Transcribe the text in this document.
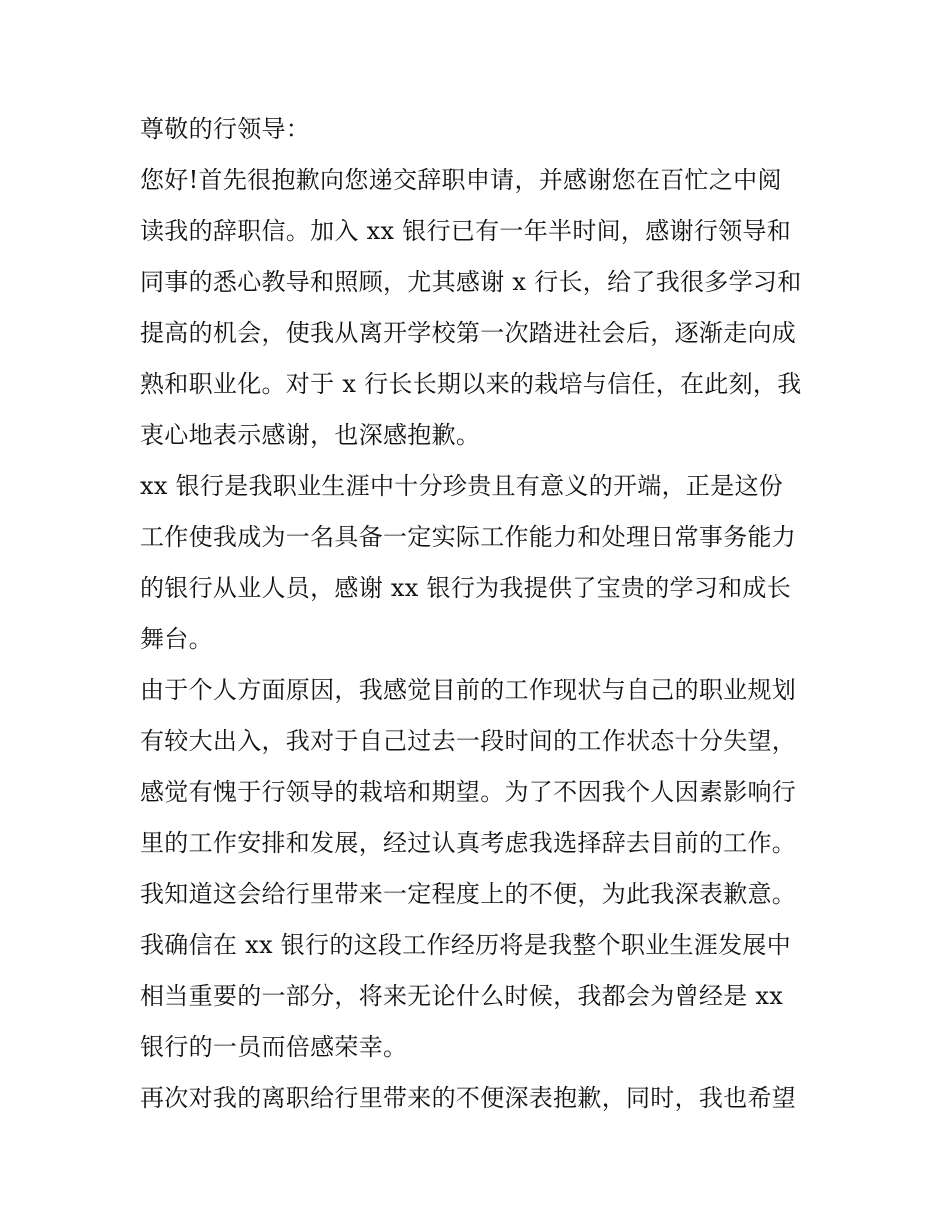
尊敬的行领导：
您好!首先很抱歉向您递交辞职申请，并感谢您在百忙之中阅
读我的辞职信。加入 xx 银行已有一年半时间，感谢行领导和
同事的悉心教导和照顾，尤其感谢 x 行长，给了我很多学习和
提高的机会，使我从离开学校第一次踏进社会后，逐渐走向成
熟和职业化。对于 x 行长长期以来的栽培与信任，在此刻，我
衷心地表示感谢，也深感抱歉。
xx 银行是我职业生涯中十分珍贵且有意义的开端，正是这份
工作使我成为一名具备一定实际工作能力和处理日常事务能力
的银行从业人员，感谢 xx 银行为我提供了宝贵的学习和成长
舞台。
由于个人方面原因，我感觉目前的工作现状与自己的职业规划
有较大出入，我对于自己过去一段时间的工作状态十分失望，
感觉有愧于行领导的栽培和期望。为了不因我个人因素影响行
里的工作安排和发展，经过认真考虑我选择辞去目前的工作。
我知道这会给行里带来一定程度上的不便，为此我深表歉意。
我确信在 xx 银行的这段工作经历将是我整个职业生涯发展中
相当重要的一部分，将来无论什么时候，我都会为曾经是 xx
银行的一员而倍感荣幸。
再次对我的离职给行里带来的不便深表抱歉，同时，我也希望
